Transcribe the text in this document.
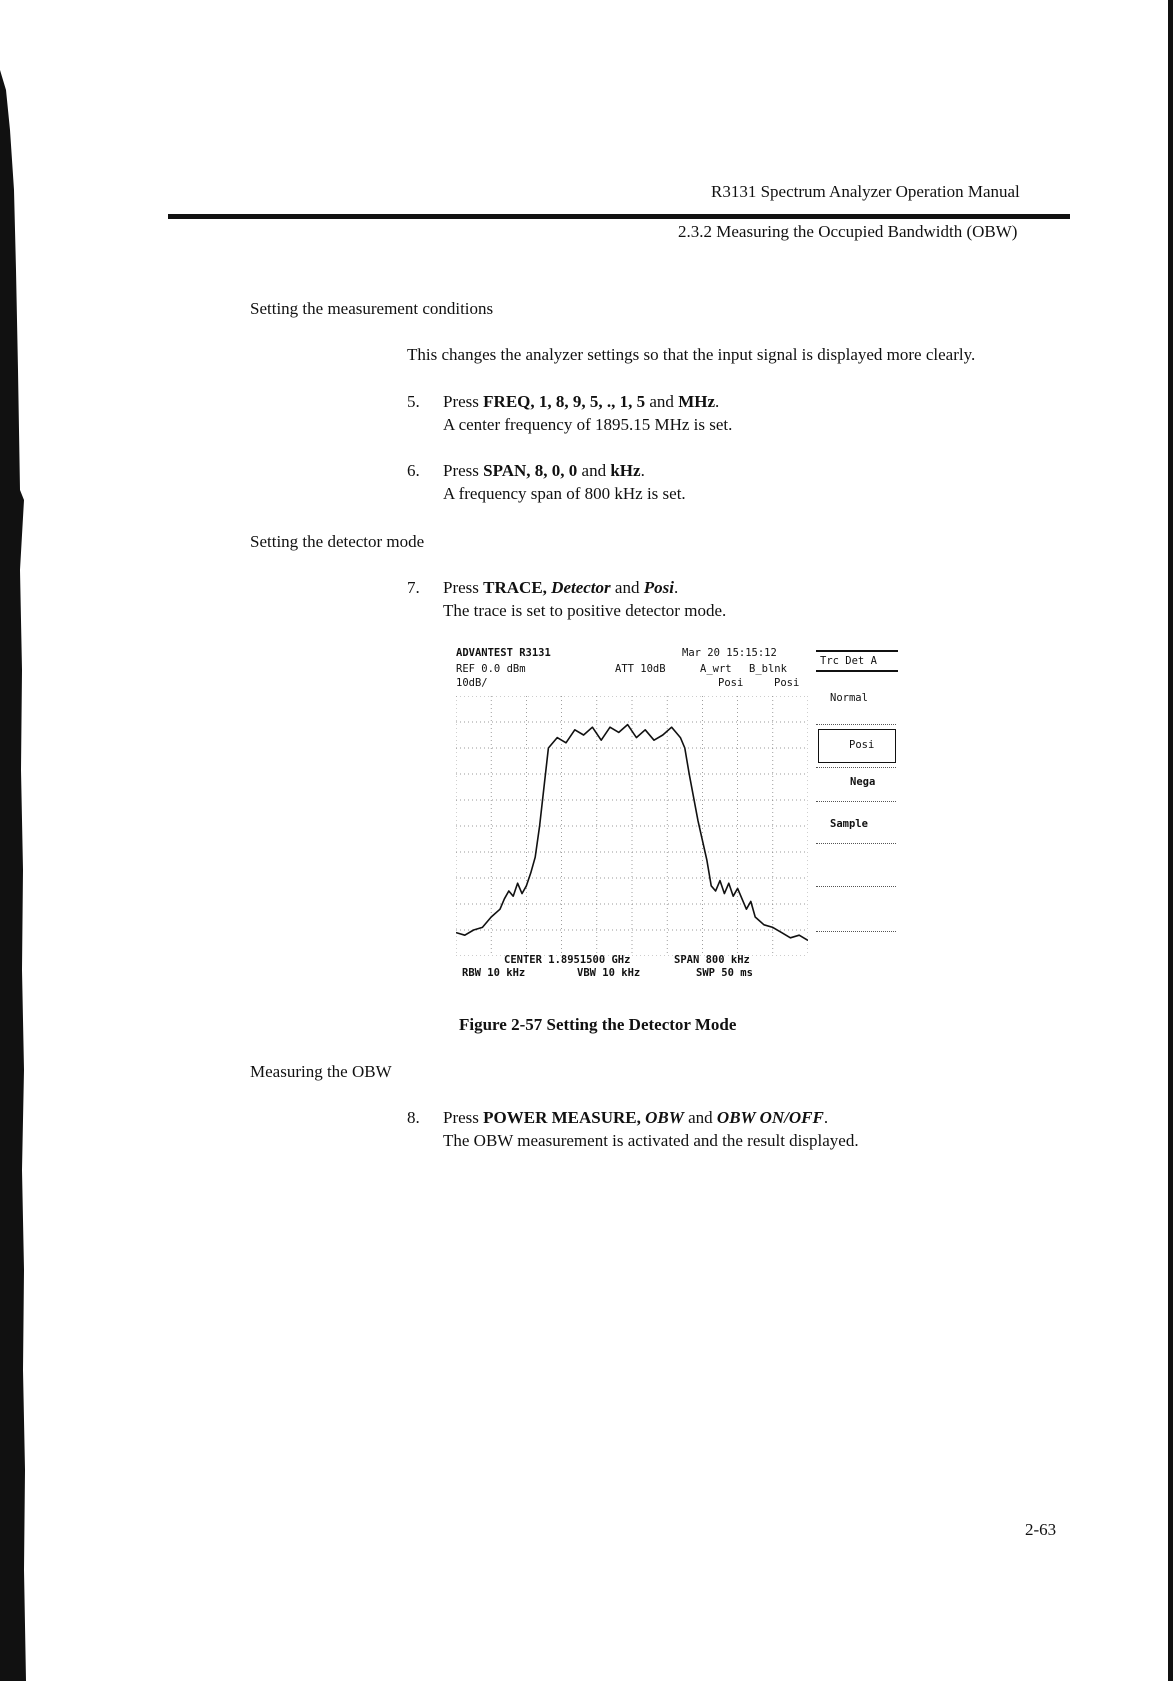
R3131 Spectrum Analyzer Operation Manual
2.3.2 Measuring the Occupied Bandwidth (OBW)
Setting the measurement conditions
This changes the analyzer settings so that the input signal is displayed more clearly.
5. Press FREQ, 1, 8, 9, 5, ., 1, 5 and MHz.
A center frequency of 1895.15 MHz is set.
6. Press SPAN, 8, 0, 0 and kHz.
A frequency span of 800 kHz is set.
Setting the detector mode
7. Press TRACE, Detector and Posi.
The trace is set to positive detector mode.
ADVANTEST R3131	Mar 20 15:15:12
REF 0.0 dBm	ATT 10dB	A_wrt B_blnk
10dB/	Posi	Posi
CENTER 1.8951500 GHz	SPAN 800 kHz
RBW 10 kHz	VBW 10 kHz	SWP 50 ms
Trc Det A
Normal
Posi
Nega
Sample
Figure 2-57 Setting the Detector Mode
Measuring the OBW
8. Press POWER MEASURE, OBW and OBW ON/OFF.
The OBW measurement is activated and the result displayed.
2-63
